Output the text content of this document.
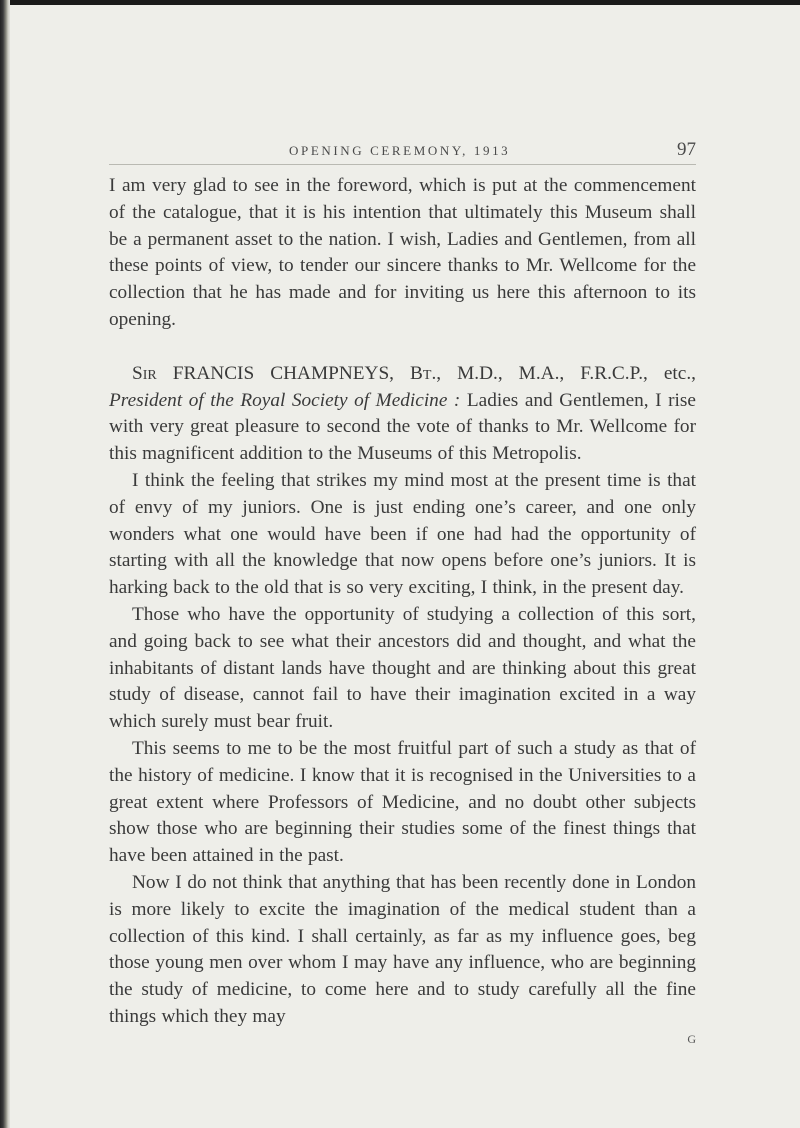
OPENING CEREMONY, 1913	97

I am very glad to see in the foreword, which is put at the commencement of the catalogue, that it is his intention that ultimately this Museum shall be a permanent asset to the nation. I wish, Ladies and Gentlemen, from all these points of view, to tender our sincere thanks to Mr. Wellcome for the collection that he has made and for inviting us here this afternoon to its opening.

Sir FRANCIS CHAMPNEYS, Bt., M.D., M.A., F.R.C.P., etc., President of the Royal Society of Medicine : Ladies and Gentlemen, I rise with very great pleasure to second the vote of thanks to Mr. Wellcome for this magnificent addition to the Museums of this Metropolis.

I think the feeling that strikes my mind most at the present time is that of envy of my juniors. One is just ending one’s career, and one only wonders what one would have been if one had had the opportunity of starting with all the knowledge that now opens before one’s juniors. It is harking back to the old that is so very exciting, I think, in the present day.

Those who have the opportunity of studying a collection of this sort, and going back to see what their ancestors did and thought, and what the inhabitants of distant lands have thought and are thinking about this great study of disease, cannot fail to have their imagination excited in a way which surely must bear fruit.

This seems to me to be the most fruitful part of such a study as that of the history of medicine. I know that it is recognised in the Universities to a great extent where Professors of Medicine, and no doubt other subjects show those who are beginning their studies some of the finest things that have been attained in the past.

Now I do not think that anything that has been recently done in London is more likely to excite the imagination of the medical student than a collection of this kind. I shall certainly, as far as my influence goes, beg those young men over whom I may have any influence, who are beginning the study of medicine, to come here and to study carefully all the fine things which they may

G
